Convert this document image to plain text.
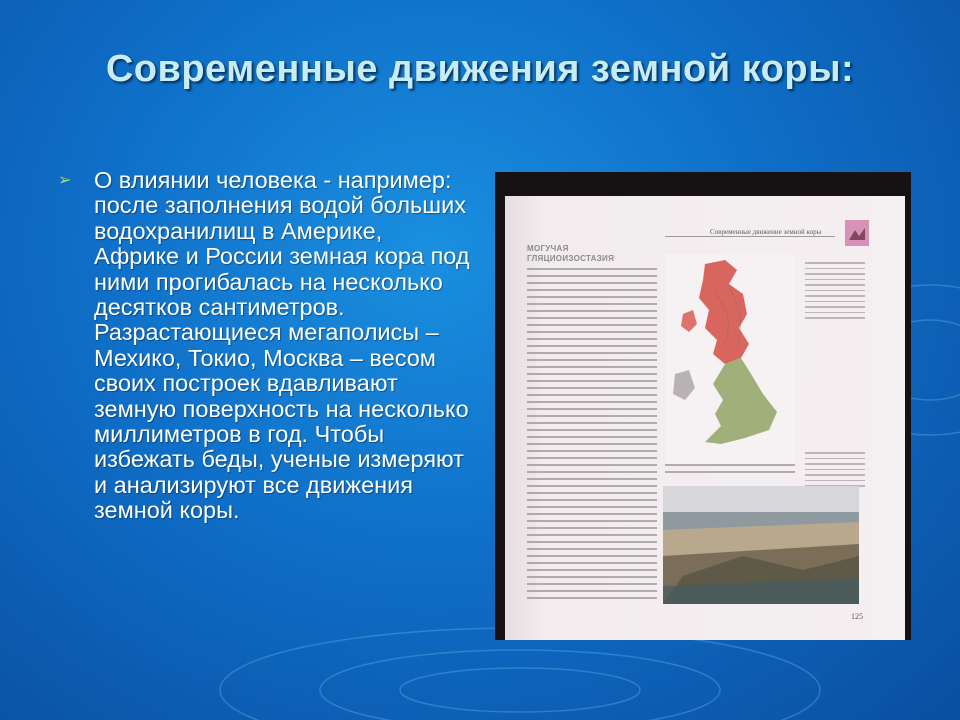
Современные движения земной коры:
➢ О влиянии человека - например: после заполнения водой больших водохранилищ в Америке, Африке и России земная кора под ними прогибалась на несколько десятков сантиметров. Разрастающиеся мегаполисы – Мехико, Токио, Москва – весом своих построек вдавливают земную поверхность на несколько миллиметров в год. Чтобы избежать беды, ученые измеряют и анализируют все движения земной коры.
Современные движение земной коры
МОГУЧАЯ
ГЛЯЦИОИЗОСТАЗИЯ
125
